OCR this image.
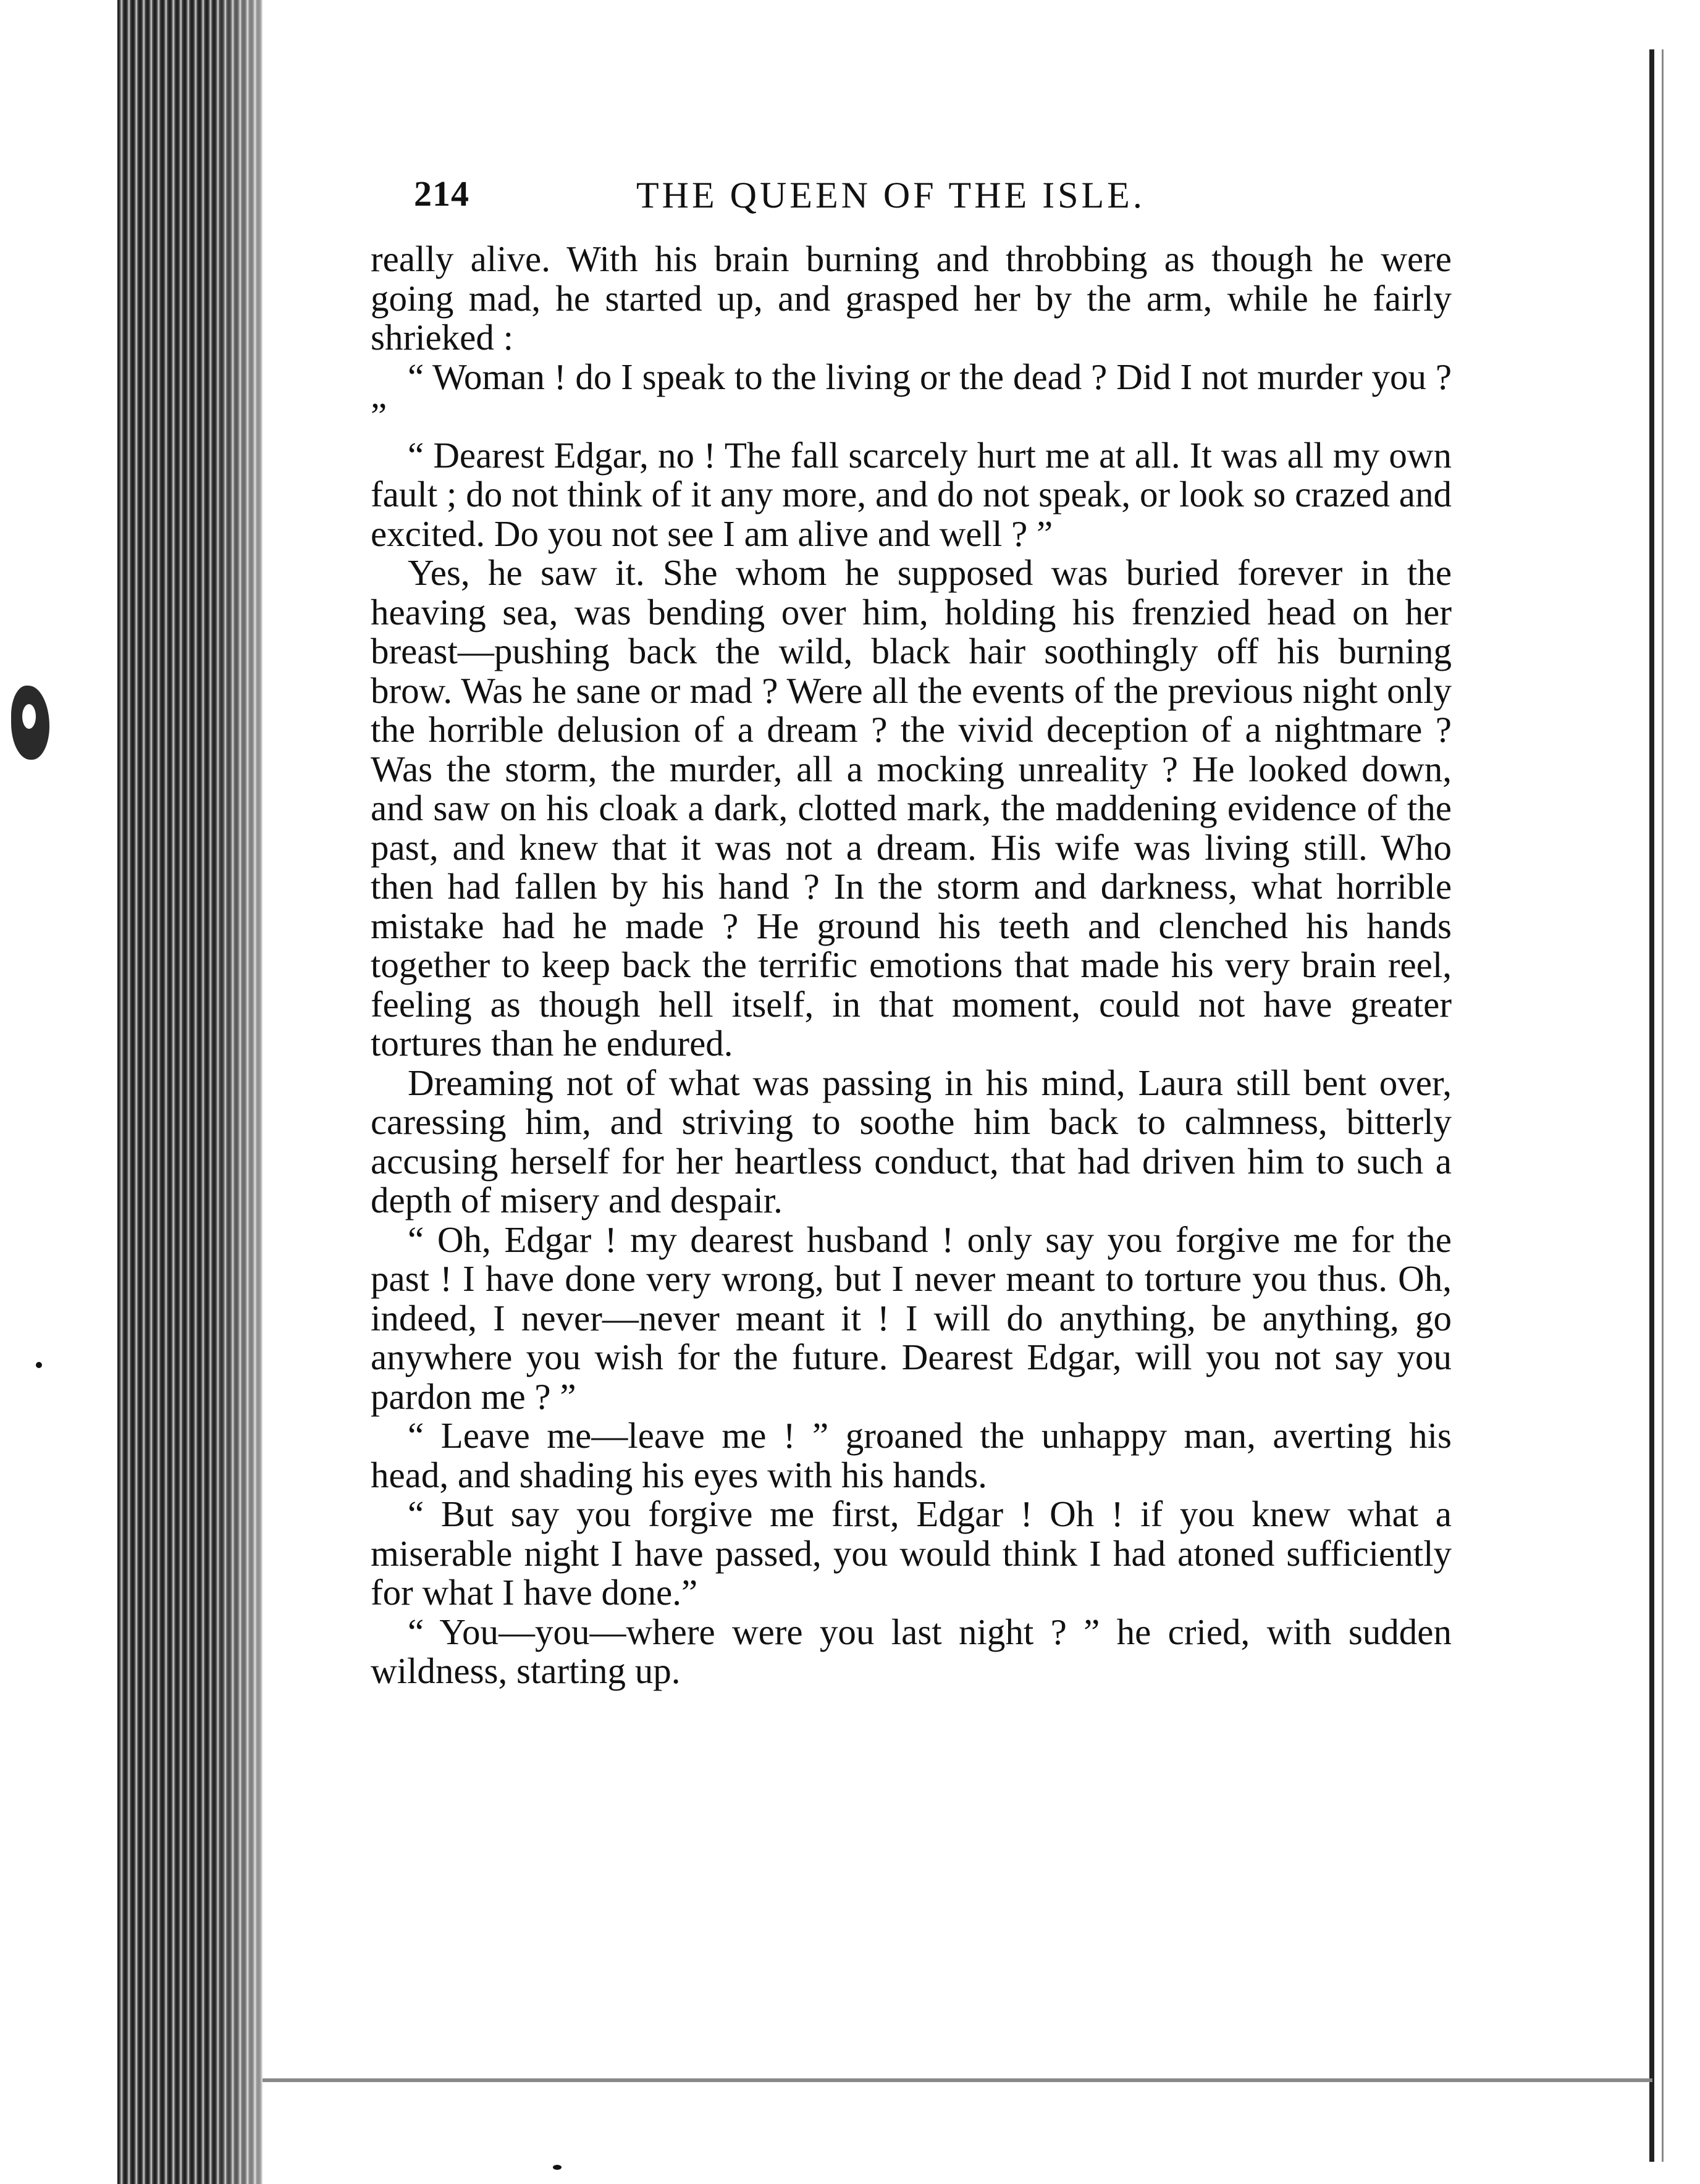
214	THE QUEEN OF THE ISLE.

really alive. With his brain burning and throbbing as though he were going mad, he started up, and grasped her by the arm, while he fairly shrieked :

“ Woman ! do I speak to the living or the dead ? Did I not murder you ? ”

“ Dearest Edgar, no ! The fall scarcely hurt me at all. It was all my own fault ; do not think of it any more, and do not speak, or look so crazed and excited. Do you not see I am alive and well ? ”

Yes, he saw it. She whom he supposed was buried forever in the heaving sea, was bending over him, holding his frenzied head on her breast—pushing back the wild, black hair soothingly off his burning brow. Was he sane or mad ? Were all the events of the previous night only the horrible delusion of a dream ? the vivid deception of a nightmare ? Was the storm, the murder, all a mocking unreality ? He looked down, and saw on his cloak a dark, clotted mark, the maddening evidence of the past, and knew that it was not a dream. His wife was living still. Who then had fallen by his hand ? In the storm and darkness, what horrible mistake had he made ? He ground his teeth and clenched his hands together to keep back the terrific emotions that made his very brain reel, feeling as though hell itself, in that moment, could not have greater tortures than he endured.

Dreaming not of what was passing in his mind, Laura still bent over, caressing him, and striving to soothe him back to calmness, bitterly accusing herself for her heartless conduct, that had driven him to such a depth of misery and despair.

“ Oh, Edgar ! my dearest husband ! only say you forgive me for the past ! I have done very wrong, but I never meant to torture you thus. Oh, indeed, I never—never meant it ! I will do anything, be anything, go anywhere you wish for the future. Dearest Edgar, will you not say you pardon me ? ”

“ Leave me—leave me ! ” groaned the unhappy man, averting his head, and shading his eyes with his hands.

“ But say you forgive me first, Edgar ! Oh ! if you knew what a miserable night I have passed, you would think I had atoned sufficiently for what I have done.”

“ You—you—where were you last night ? ” he cried, with sudden wildness, starting up.
